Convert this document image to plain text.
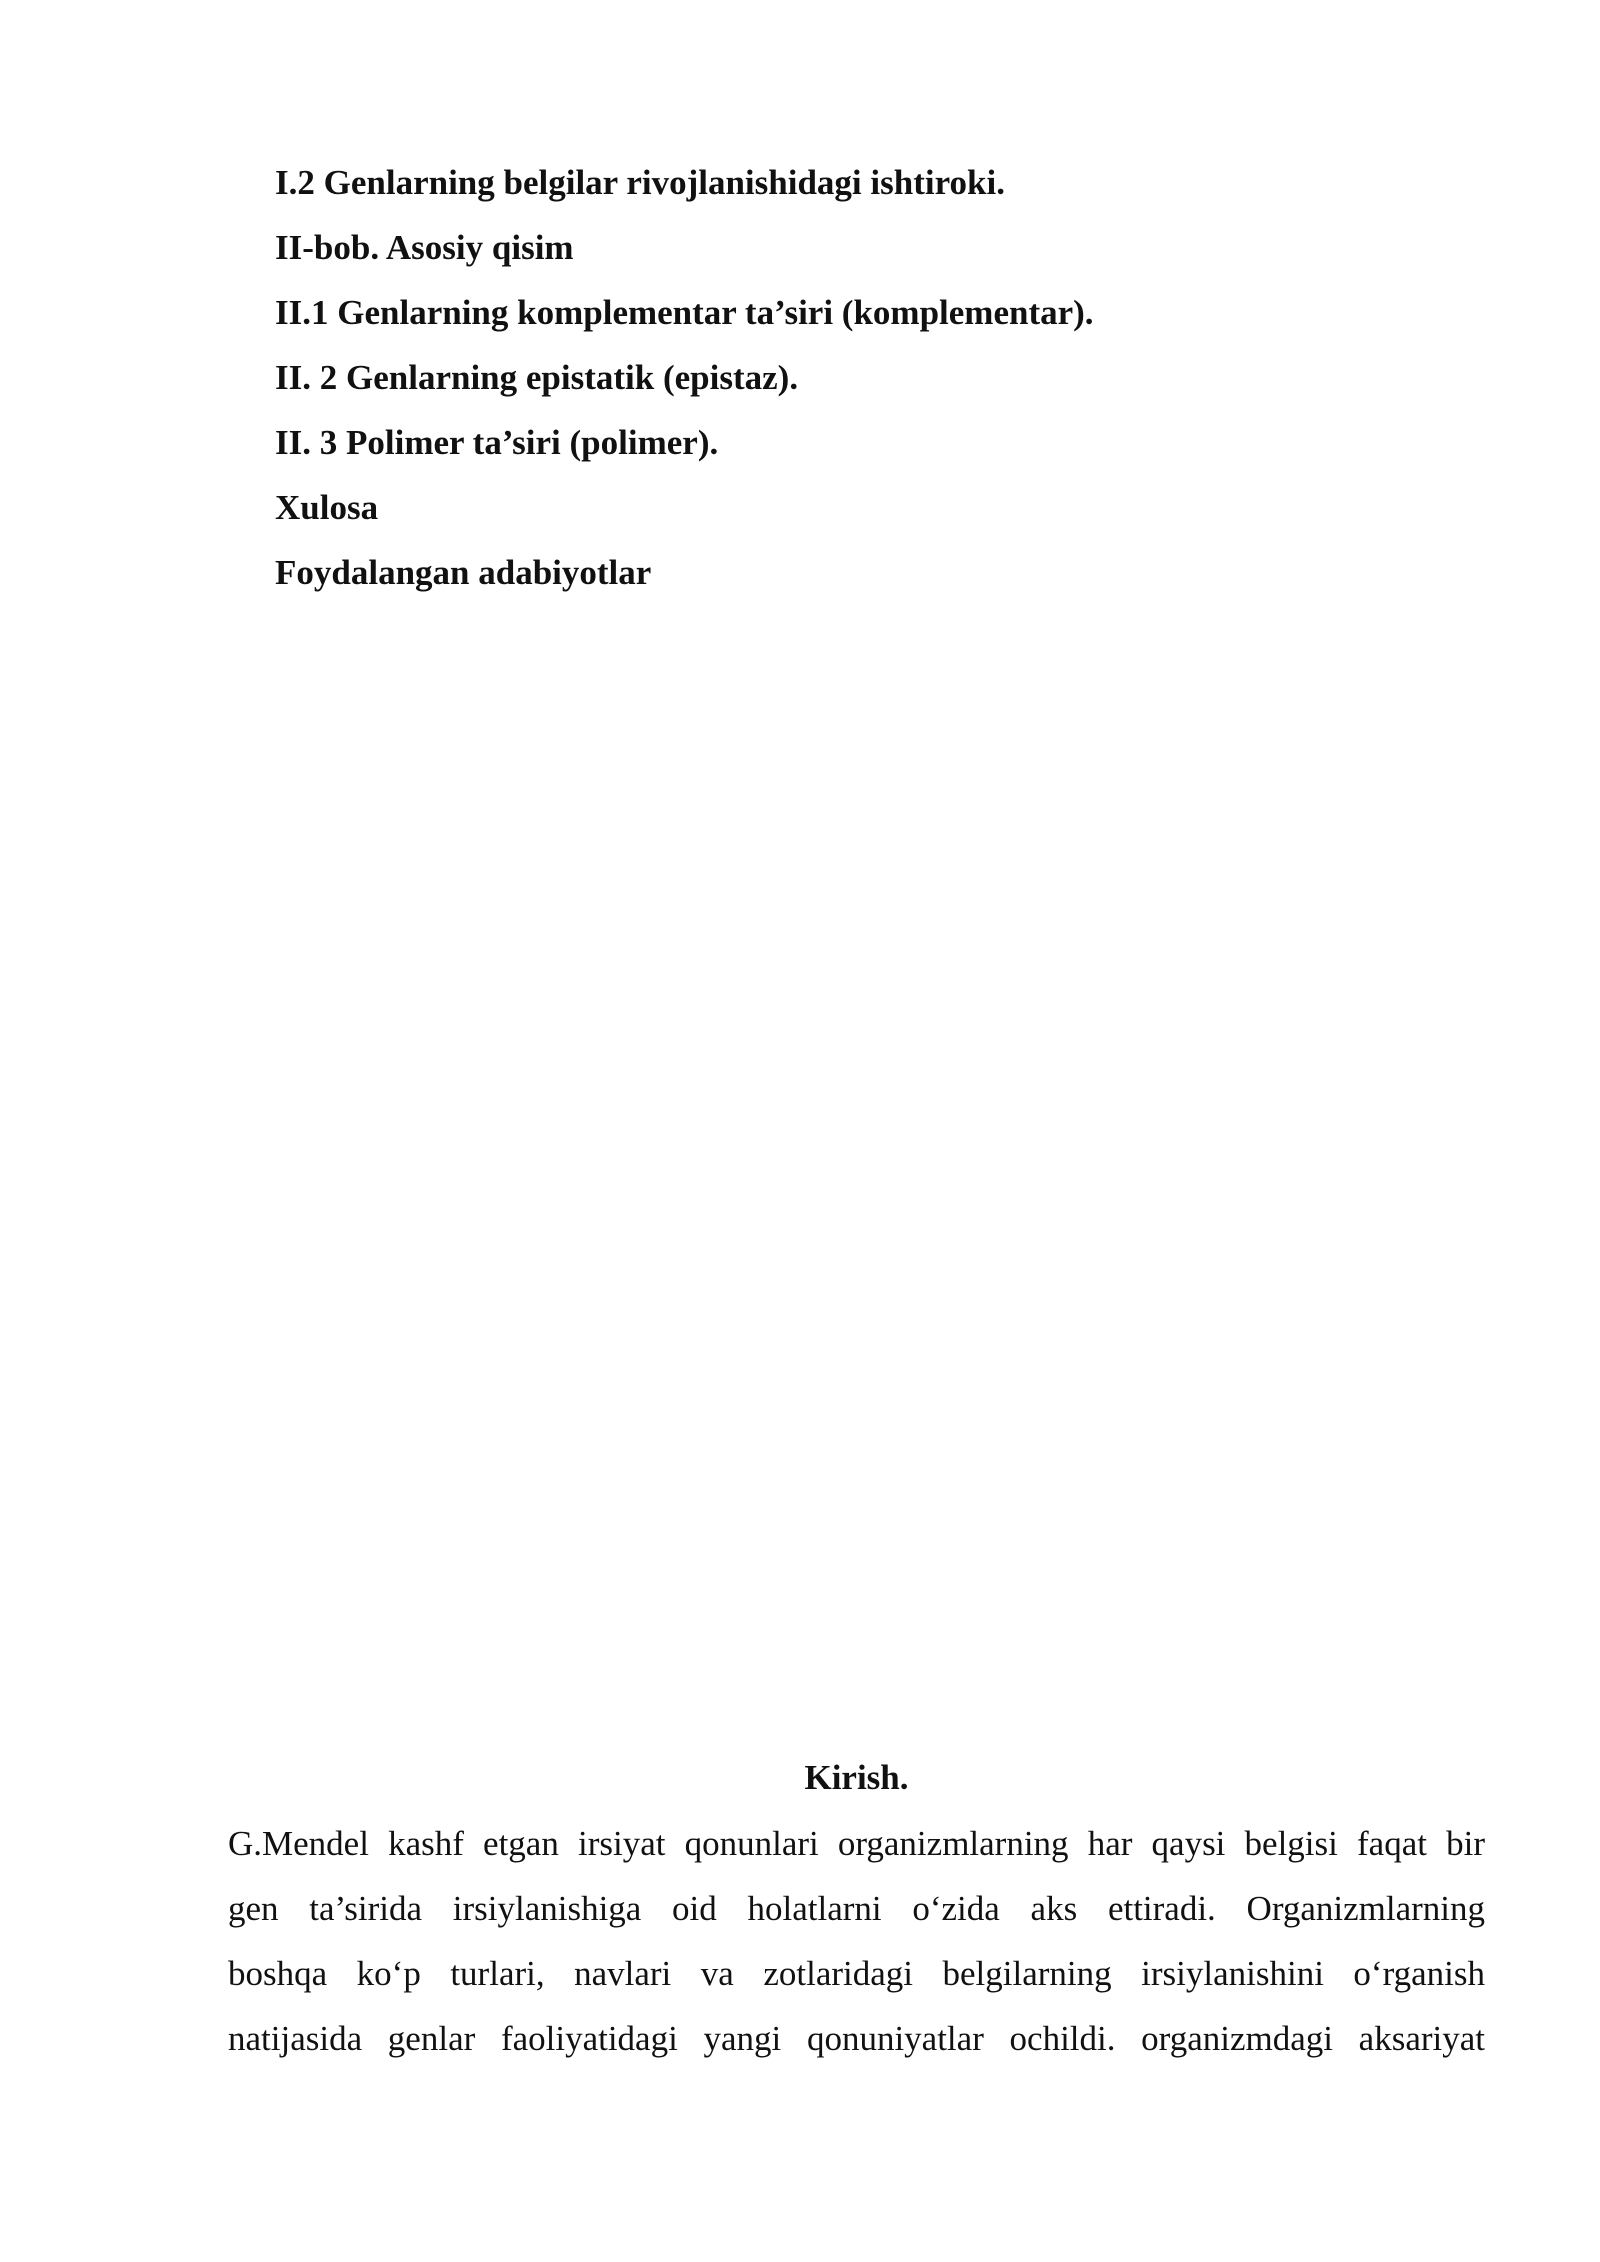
I.2 Genlarning belgilar rivojlanishidagi ishtiroki.
II-bob. Asosiy qisim
II.1 Genlarning komplementar ta’siri (komplementar).
II. 2 Genlarning epistatik (epistaz).
II. 3 Polimer ta’siri (polimer).
Xulosa
Foydalangan adabiyotlar
Kirish.
G.Mendel kashf etgan irsiyat qonunlari organizmlarning har qaysi belgisi faqat bir
gen ta’sirida irsiylanishiga oid holatlarni o‘zida aks ettiradi. Organizmlarning
boshqa ko‘p turlari, navlari va zotlaridagi belgilarning irsiylanishini o‘rganish
natijasida genlar faoliyatidagi yangi qonuniyatlar ochildi. organizmdagi aksariyat
